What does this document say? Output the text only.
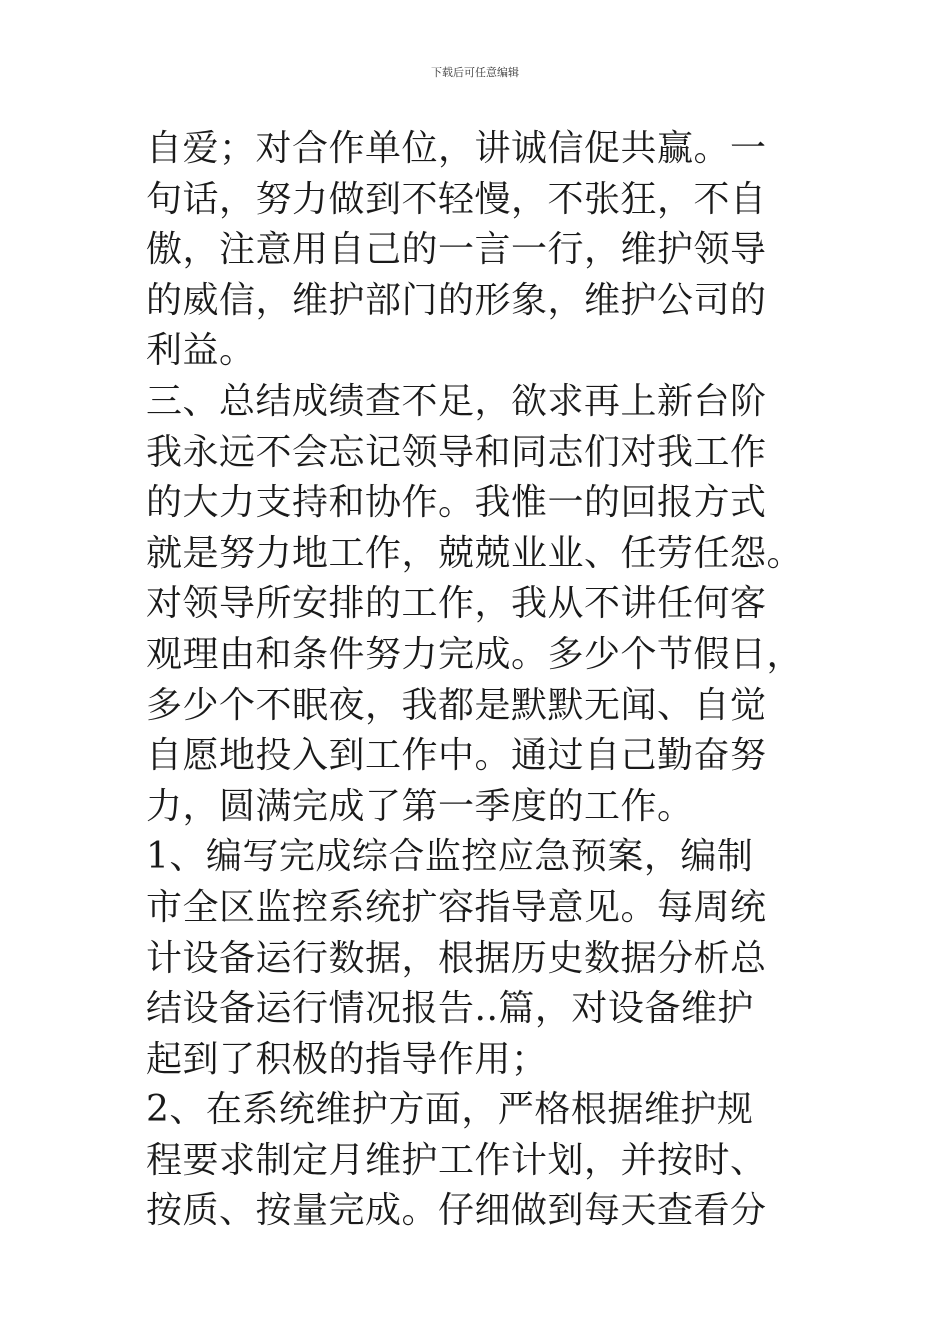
下载后可任意编辑
自爱；对合作单位，讲诚信促共赢。一
句话，努力做到不轻慢，不张狂，不自
傲，注意用自己的一言一行，维护领导
的威信，维护部门的形象，维护公司的
利益。
三、总结成绩查不足，欲求再上新台阶
我永远不会忘记领导和同志们对我工作
的大力支持和协作。我惟一的回报方式
就是努力地工作，兢兢业业、任劳任怨。
对领导所安排的工作，我从不讲任何客
观理由和条件努力完成。多少个节假日，
多少个不眠夜，我都是默默无闻、自觉
自愿地投入到工作中。通过自己勤奋努
力，圆满完成了第一季度的工作。
1、编写完成综合监控应急预案，编制
市全区监控系统扩容指导意见。每周统
计设备运行数据，根据历史数据分析总
结设备运行情况报告..篇，对设备维护
起到了积极的指导作用；
2、在系统维护方面，严格根据维护规
程要求制定月维护工作计划，并按时、
按质、按量完成。仔细做到每天查看分
